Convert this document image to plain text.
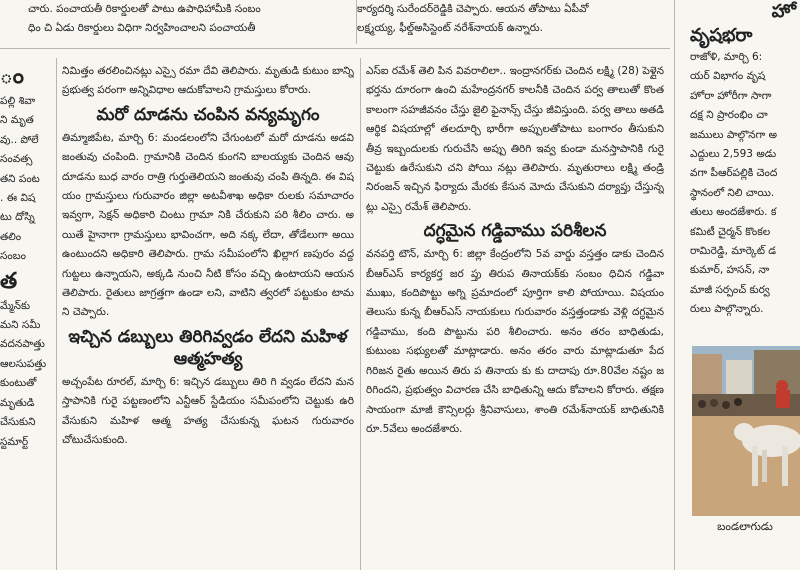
చారు. పంచాయతీ రికార్డులతో పాటు ఉపాధిహామీకి సంబం
ధిం చి ఏడు రికార్డులు విధిగా నిర్వహించాలని పంచాయతీ
కార్యదర్శి సురేందర్‌రెడ్డికి చెప్పారు. ఆయన తోపాటు ఏపీవో
లక్ష్మయ్య, ఫీల్డ్‌అసిస్టెంట్ నరేశ్‌నాయక్ ఉన్నారు.
ం
పల్లి శివా
ని మృత
వు.. పోలే
సంవత్స
తని పంట
. ఈ విష
టు దోస్ని
తలిం
సంబం
త
మ్మేన్‌కు
మని సమీ
వదనపాత్తు
ఆలసుపత్తు
కుంటుతో
మృతుడి
చేసుకుని
స్టమార్ట్
నిమిత్తం తరలించినట్లు ఎస్సై రమా దేవి తెలిపారు. మృతుడి కుటుం బాన్ని ప్రభుత్వ పరంగా అన్నివిధాల ఆదుకోవాలని గ్రామస్తులు కోరారు.
మరో దూడను చంపిన వన్యమృగం
తిమ్మాజిపేట, మార్చి 6: మండలంలోని చేగుంటలో మరో దూడను అడవి జంతువు చంపింది. గ్రామానికి చెందిన కుంగని బాలయ్యకు చెందిన ఆవు దూడను బుధ వారం రాత్రి గుర్తుతెలియని జంతువు చంపి తిన్నది. ఈ విషయం గ్రామస్తులు గురువారం జిల్లా అటవీశాఖ అధికా రులకు సమాచారం ఇవ్వగా, సెక్షన్ అధికారి చింటు గ్రామా నికి చేరుకుని పరి శీలిం చారు. అయితే హైనాగా గ్రామస్తులు భావించగా, అది నక్క లేదా, తోడేలుగా అయి ఉంటుందని అధికారి తెలిపారు. గ్రామ సమీపంలోని ఖిల్లాగ ణపురం వద్ద గుట్టలు ఉన్నాయని, అక్కడి నుంచి నీటి కోసం వచ్చి ఉంటాయని ఆయన తెలిపారు. రైతులు జాగ్రత్తగా ఉండా లని, వాటిని త్వరలో పట్టుకుం టామని చెప్పారు.
ఇచ్చిన డబ్బులు తిరిగివ్వడం లేదని మహిళ ఆత్మహత్య
అచ్చంపేట రూరల్, మార్చి 6: ఇచ్చిన డబ్బులు తిరి గి వ్వడం లేదని మనస్తాపానికి గురై పట్టణంలోని ఎన్టీఆర్ స్టేడియం సమీపంలోని చెట్టుకు ఉరి వేసుకుని మహిళ ఆత్మ హత్య చేసుకున్న ఘటన గురువారం చోటుచేసుకుంది.
ఎస్ఐ రమేశ్ తెలి పిన వివరాలిలా.. ఇంద్రానగర్‌కు చెందిన లక్ష్మి (28) పెళ్లైన భర్తను దూరంగా ఉంచి మహేంద్రనగర్ కాలనీకి చెందిన పర్వ తాలుతో కొంతకాలంగా సహజీవనం చేస్తు జైలి ఫైనాన్స్ చేస్తు జీవిస్తుంది. పర్వ తాలు అతడి ఆర్థిక విషయాల్లో తలదూర్చి భారీగా అప్పులతోపాటు బంగారం తీసుకుని తీవ్ర ఇబ్బందులకు గురుచేసి అప్పు తిరిగి ఇవ్వ కుండా మనస్తాపానికి గురై చెట్టుకు ఉరేసుకుని చని పోయి నట్లు తెలిపారు. మృతురాలు లక్ష్మి తండ్రి నిరంజన్ ఇచ్చిన ఫిర్యాదు మేరకు కేసున మోదు చేసుకుని దర్యాప్తు చేస్తున్నట్లు ఎస్సై రమేశ్ తెలిపారు.
దగ్ధమైన గడ్డివాము పరిశీలన
వనపర్తి టౌన్, మార్చి 6: జిల్లా కేంద్రంలోని 5వ వార్డు వస్తత్తం డాకు చెందిన బీఆర్ఎస్ కార్యకర్త జర ప్తు తిరుప తినాయక్‌కు సంబం ధిచిన గడ్డివా ముఖు, కందిపొట్టు అగ్ని ప్రమాదంలో పూర్తిగా కాలి పోయాయి. విషయం తెలుసు కున్న బీఆర్ఎస్ నాయకులు గురువారం వస్తత్తండాకు వెళ్లి దగ్ధమైన గడ్డివాము, కంది పొట్టును పరి శీలించారు. అనం తరం బాధితుడు, కుటుంబ సభ్యులతో మాట్లాడారు. అనం తరం వారు మాట్లాడుతూ పేద గిరిజన రైతు అయిన తిరు ప తినాయ కు కు దాదాపు రూ.80వేల నష్టం జరిగిందని, ప్రభుత్వం విచారణ చేసి బాధితున్ని ఆదు కోవాలని కోరారు. తక్షణ సాయంగా మాజీ కౌన్సిలర్లు శ్రీనివాసులు, శాంతి రమేశ్‌నాయక్ బాధితునికి రూ.5వేలు అందజేశారు.
హో
వృషభరా
రాజోళి, మార్చి 6:
యర్ విభాగం వృష
హోరా హోరీగా సాగా
దక్ష ని ప్రారంభిం చా
జములు పాల్గొనగా అ
ఎద్దులు 2,593 అడు
వగా పీఆర్‌పల్లికి చెంద
స్థానంలో నిలి చాయి.
తులు అందజేశారు. క
కమిటీ చైర్మన్ కొంకల
రామిరెడ్డి, మార్కెట్ డ
కుమార్, హసన్, నా
మాజీ సర్పంచ్ కుర్వ
రులు పాల్గొన్నారు.
బండలాగుడు
